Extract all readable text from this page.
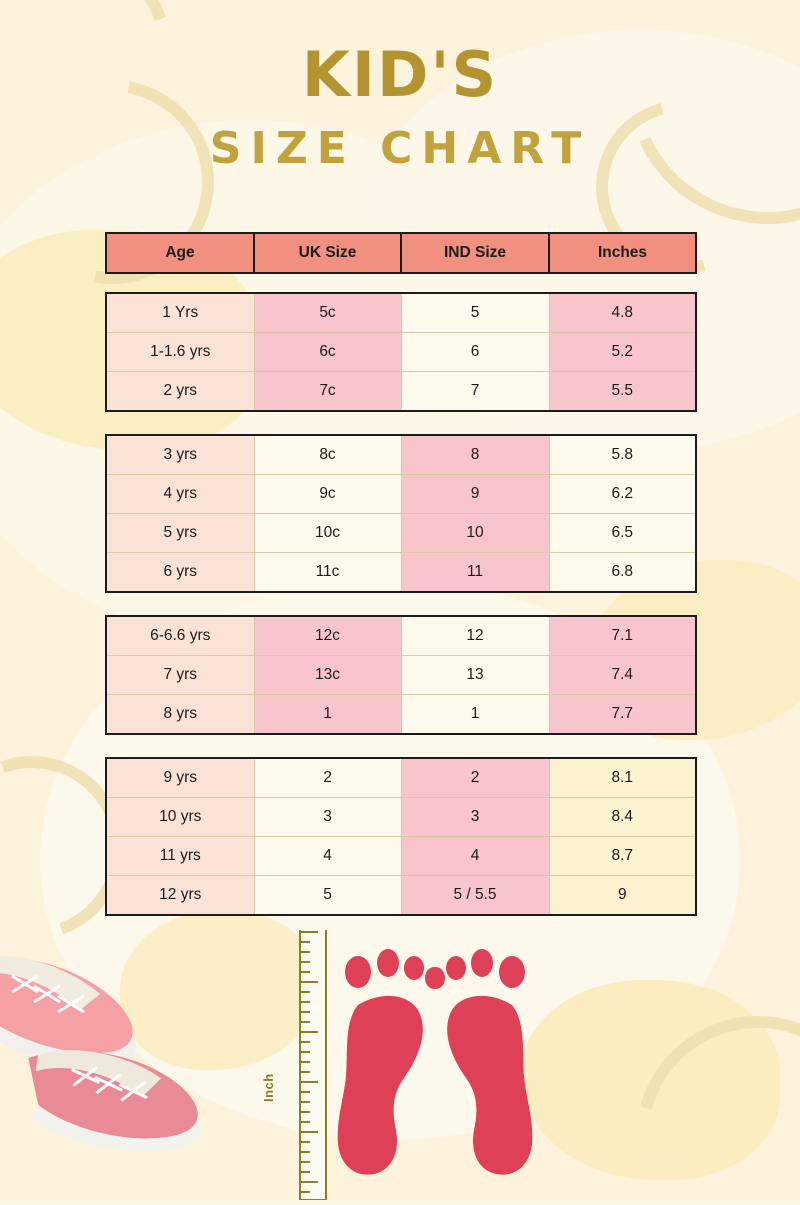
KID'S
SIZE CHART
Age	UK Size	IND Size	Inches
1 Yrs	5c	5	4.8
1-1.6 yrs	6c	6	5.2
2 yrs	7c	7	5.5
3 yrs	8c	8	5.8
4 yrs	9c	9	6.2
5 yrs	10c	10	6.5
6 yrs	11c	11	6.8
6-6.6 yrs	12c	12	7.1
7 yrs	13c	13	7.4
8 yrs	1	1	7.7
9 yrs	2	2	8.1
10 yrs	3	3	8.4
11 yrs	4	4	8.7
12 yrs	5	5 / 5.5	9
Inch
